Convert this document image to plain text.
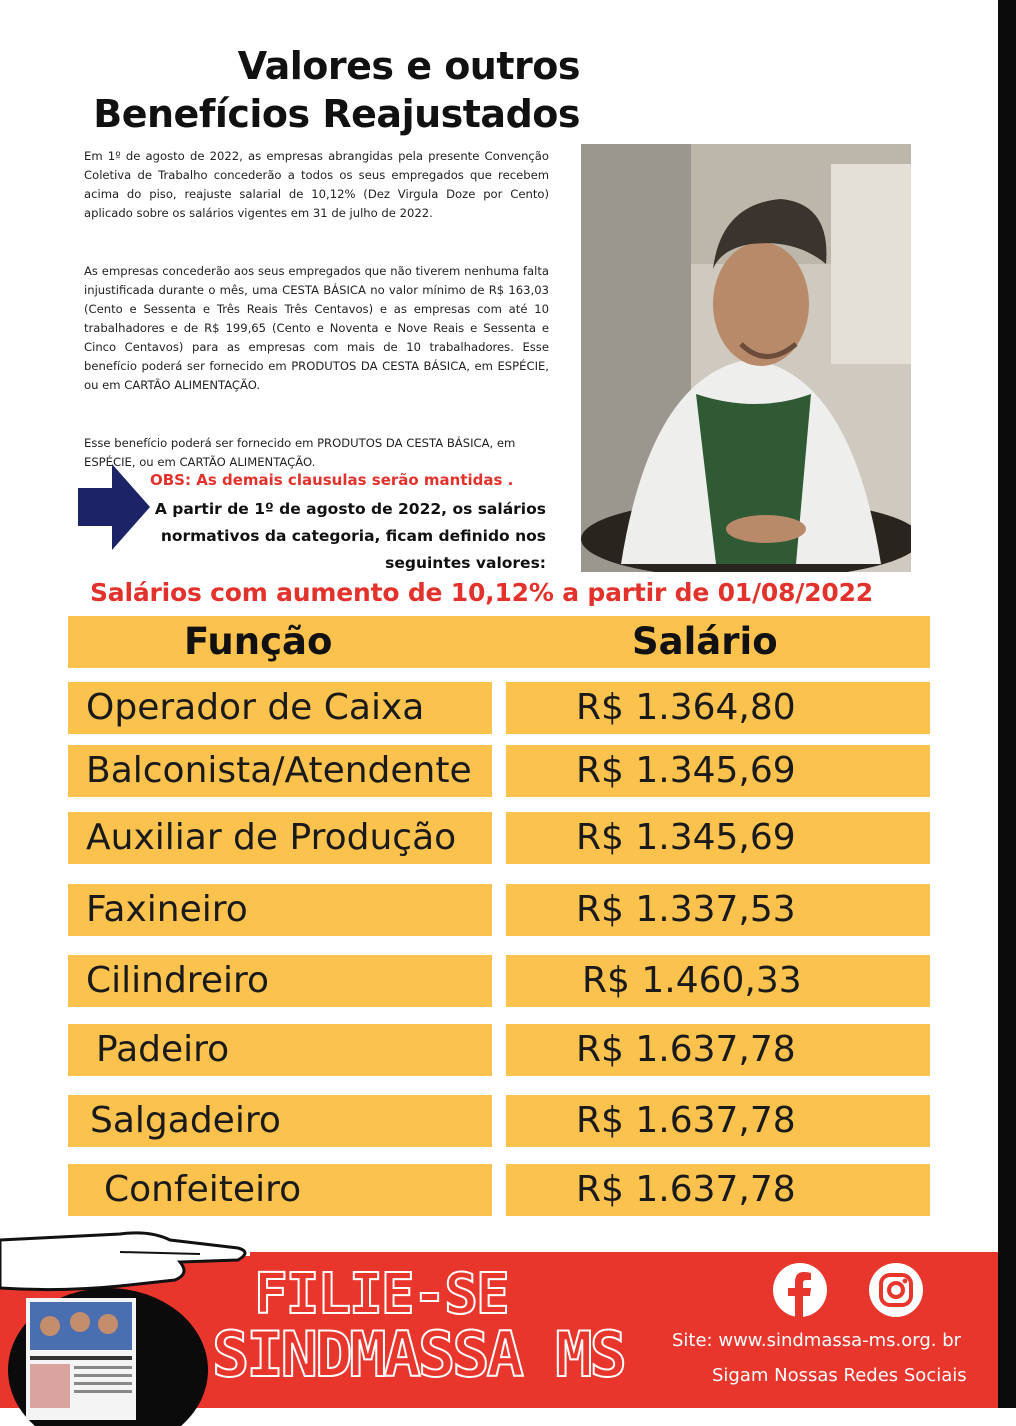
Valores e outros
Benefícios Reajustados

Em 1º de agosto de 2022, as empresas abrangidas pela presente Convenção Coletiva de Trabalho concederão a todos os seus empregados que recebem acima do piso, reajuste salarial de 10,12% (Dez Virgula Doze por Cento) aplicado sobre os salários vigentes em 31 de julho de 2022.

As empresas concederão aos seus empregados que não tiverem nenhuma falta injustificada durante o mês, uma CESTA BÁSICA no valor mínimo de R$ 163,03 (Cento e Sessenta e Três Reais Três Centavos) e as empresas com até 10 trabalhadores e de R$ 199,65 (Cento e Noventa e Nove Reais e Sessenta e Cinco Centavos) para as empresas com mais de 10 trabalhadores. Esse benefício poderá ser fornecido em PRODUTOS DA CESTA BÁSICA, em ESPÉCIE, ou em CARTÃO ALIMENTAÇÃO.

Esse benefício poderá ser fornecido em PRODUTOS DA CESTA BÁSICA, em ESPÉCIE, ou em CARTÃO ALIMENTAÇÃO.

OBS: As demais clausulas serão mantidas .
A partir de 1º de agosto de 2022, os salários normativos da categoria, ficam definido nos seguintes valores:
Salários com aumento de 10,12% a partir de 01/08/2022
Função	Salário
Operador de Caixa	R$ 1.364,80
Balconista/Atendente	R$ 1.345,69
Auxiliar de Produção	R$ 1.345,69
Faxineiro	R$ 1.337,53
Cilindreiro	R$ 1.460,33
Padeiro	R$ 1.637,78
Salgadeiro	R$ 1.637,78
Confeiteiro	R$ 1.637,78
FILIE-SE
SINDMASSA MS	Site: www.sindmassa-ms.org. br
Sigam Nossas Redes Sociais
